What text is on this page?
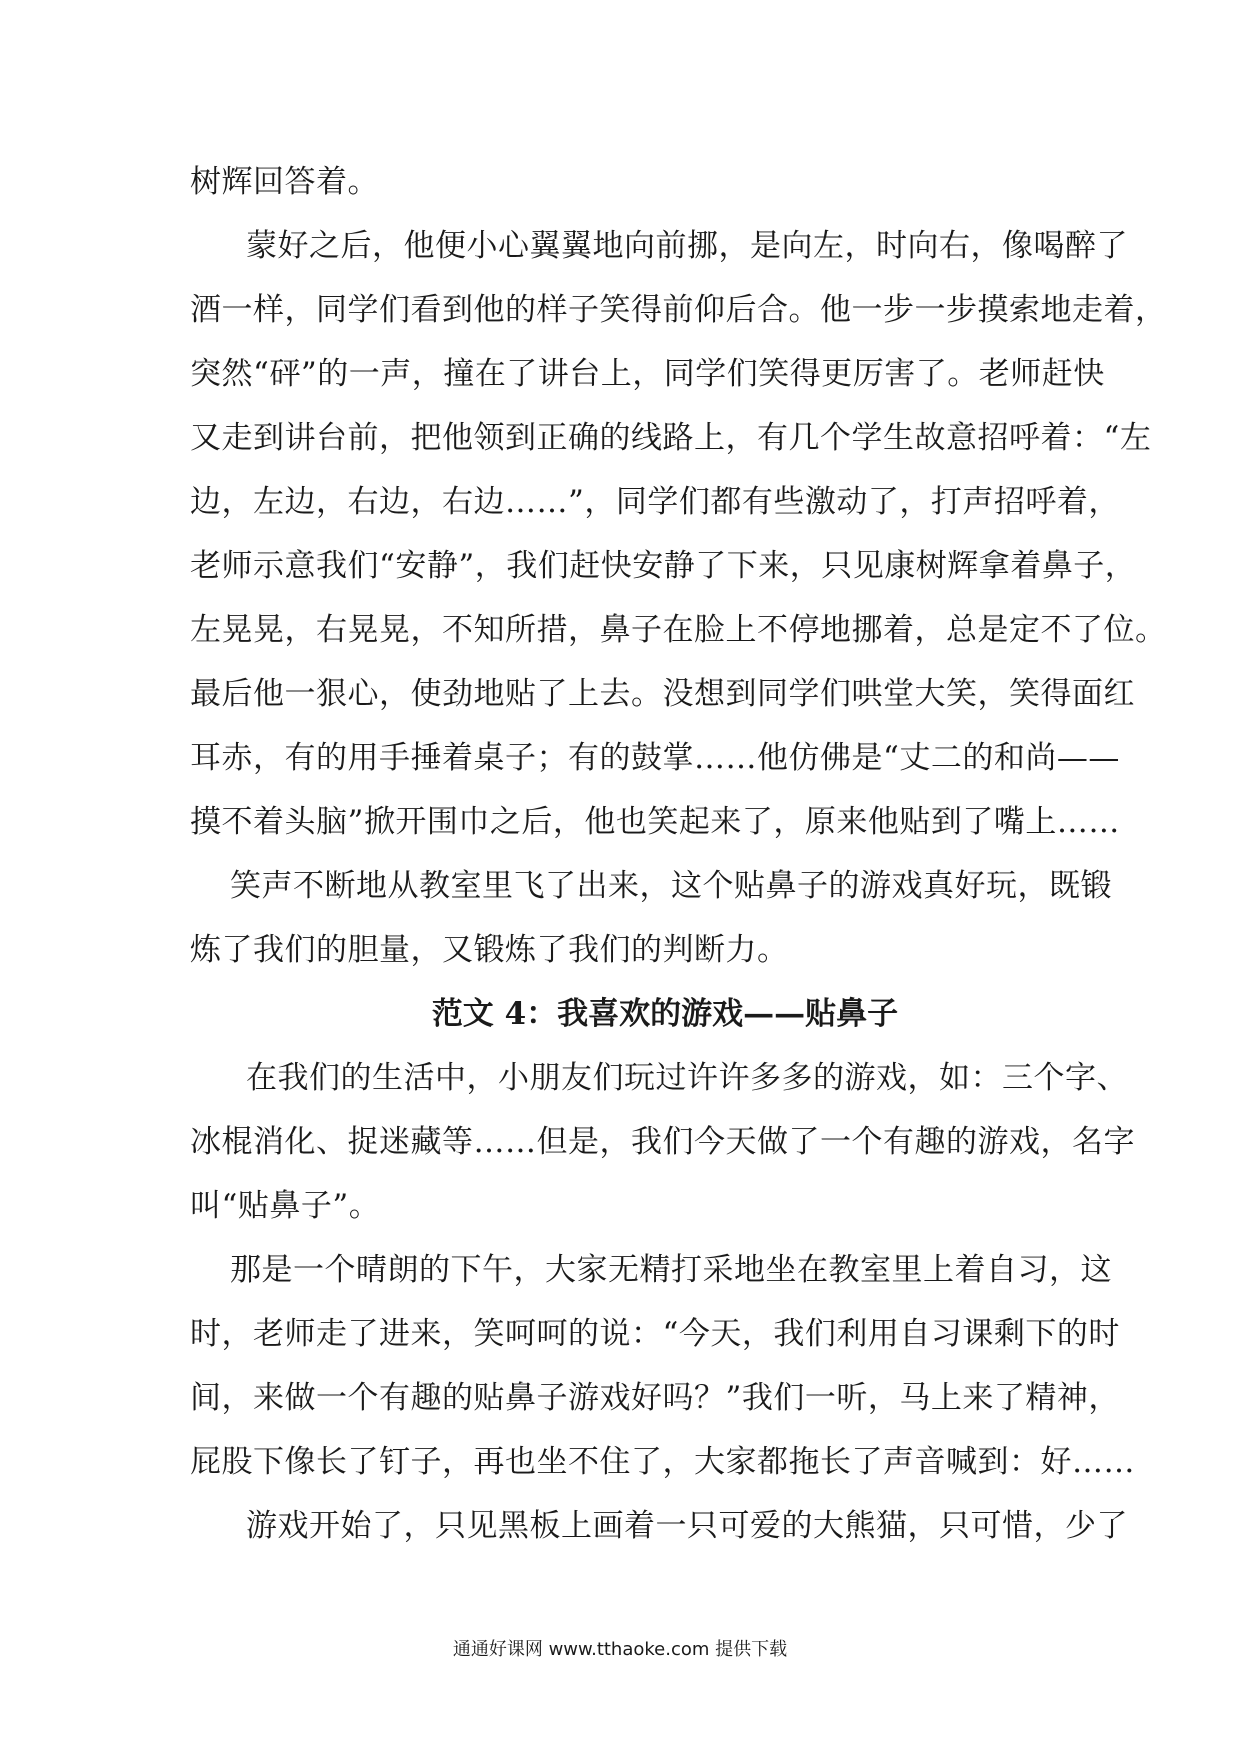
树辉回答着。
蒙好之后，他便小心翼翼地向前挪，是向左，时向右，像喝醉了
酒一样，同学们看到他的样子笑得前仰后合。他一步一步摸索地走着，
突然“砰”的一声，撞在了讲台上，同学们笑得更厉害了。老师赶快
又走到讲台前，把他领到正确的线路上，有几个学生故意招呼着：“左
边，左边，右边，右边……”，同学们都有些激动了，打声招呼着，
老师示意我们“安静”，我们赶快安静了下来，只见康树辉拿着鼻子，
左晃晃，右晃晃，不知所措，鼻子在脸上不停地挪着，总是定不了位。
最后他一狠心，使劲地贴了上去。没想到同学们哄堂大笑，笑得面红
耳赤，有的用手捶着桌子；有的鼓掌……他仿佛是“丈二的和尚——
摸不着头脑”掀开围巾之后，他也笑起来了，原来他贴到了嘴上……
笑声不断地从教室里飞了出来，这个贴鼻子的游戏真好玩，既锻
炼了我们的胆量，又锻炼了我们的判断力。
范文 4：我喜欢的游戏——贴鼻子
在我们的生活中，小朋友们玩过许许多多的游戏，如：三个字、
冰棍消化、捉迷藏等……但是，我们今天做了一个有趣的游戏，名字
叫“贴鼻子”。
那是一个晴朗的下午，大家无精打采地坐在教室里上着自习，这
时，老师走了进来，笑呵呵的说：“今天，我们利用自习课剩下的时
间，来做一个有趣的贴鼻子游戏好吗？”我们一听，马上来了精神，
屁股下像长了钉子，再也坐不住了，大家都拖长了声音喊到：好……
游戏开始了，只见黑板上画着一只可爱的大熊猫，只可惜，少了
通通好课网 www.tthaoke.com 提供下载
